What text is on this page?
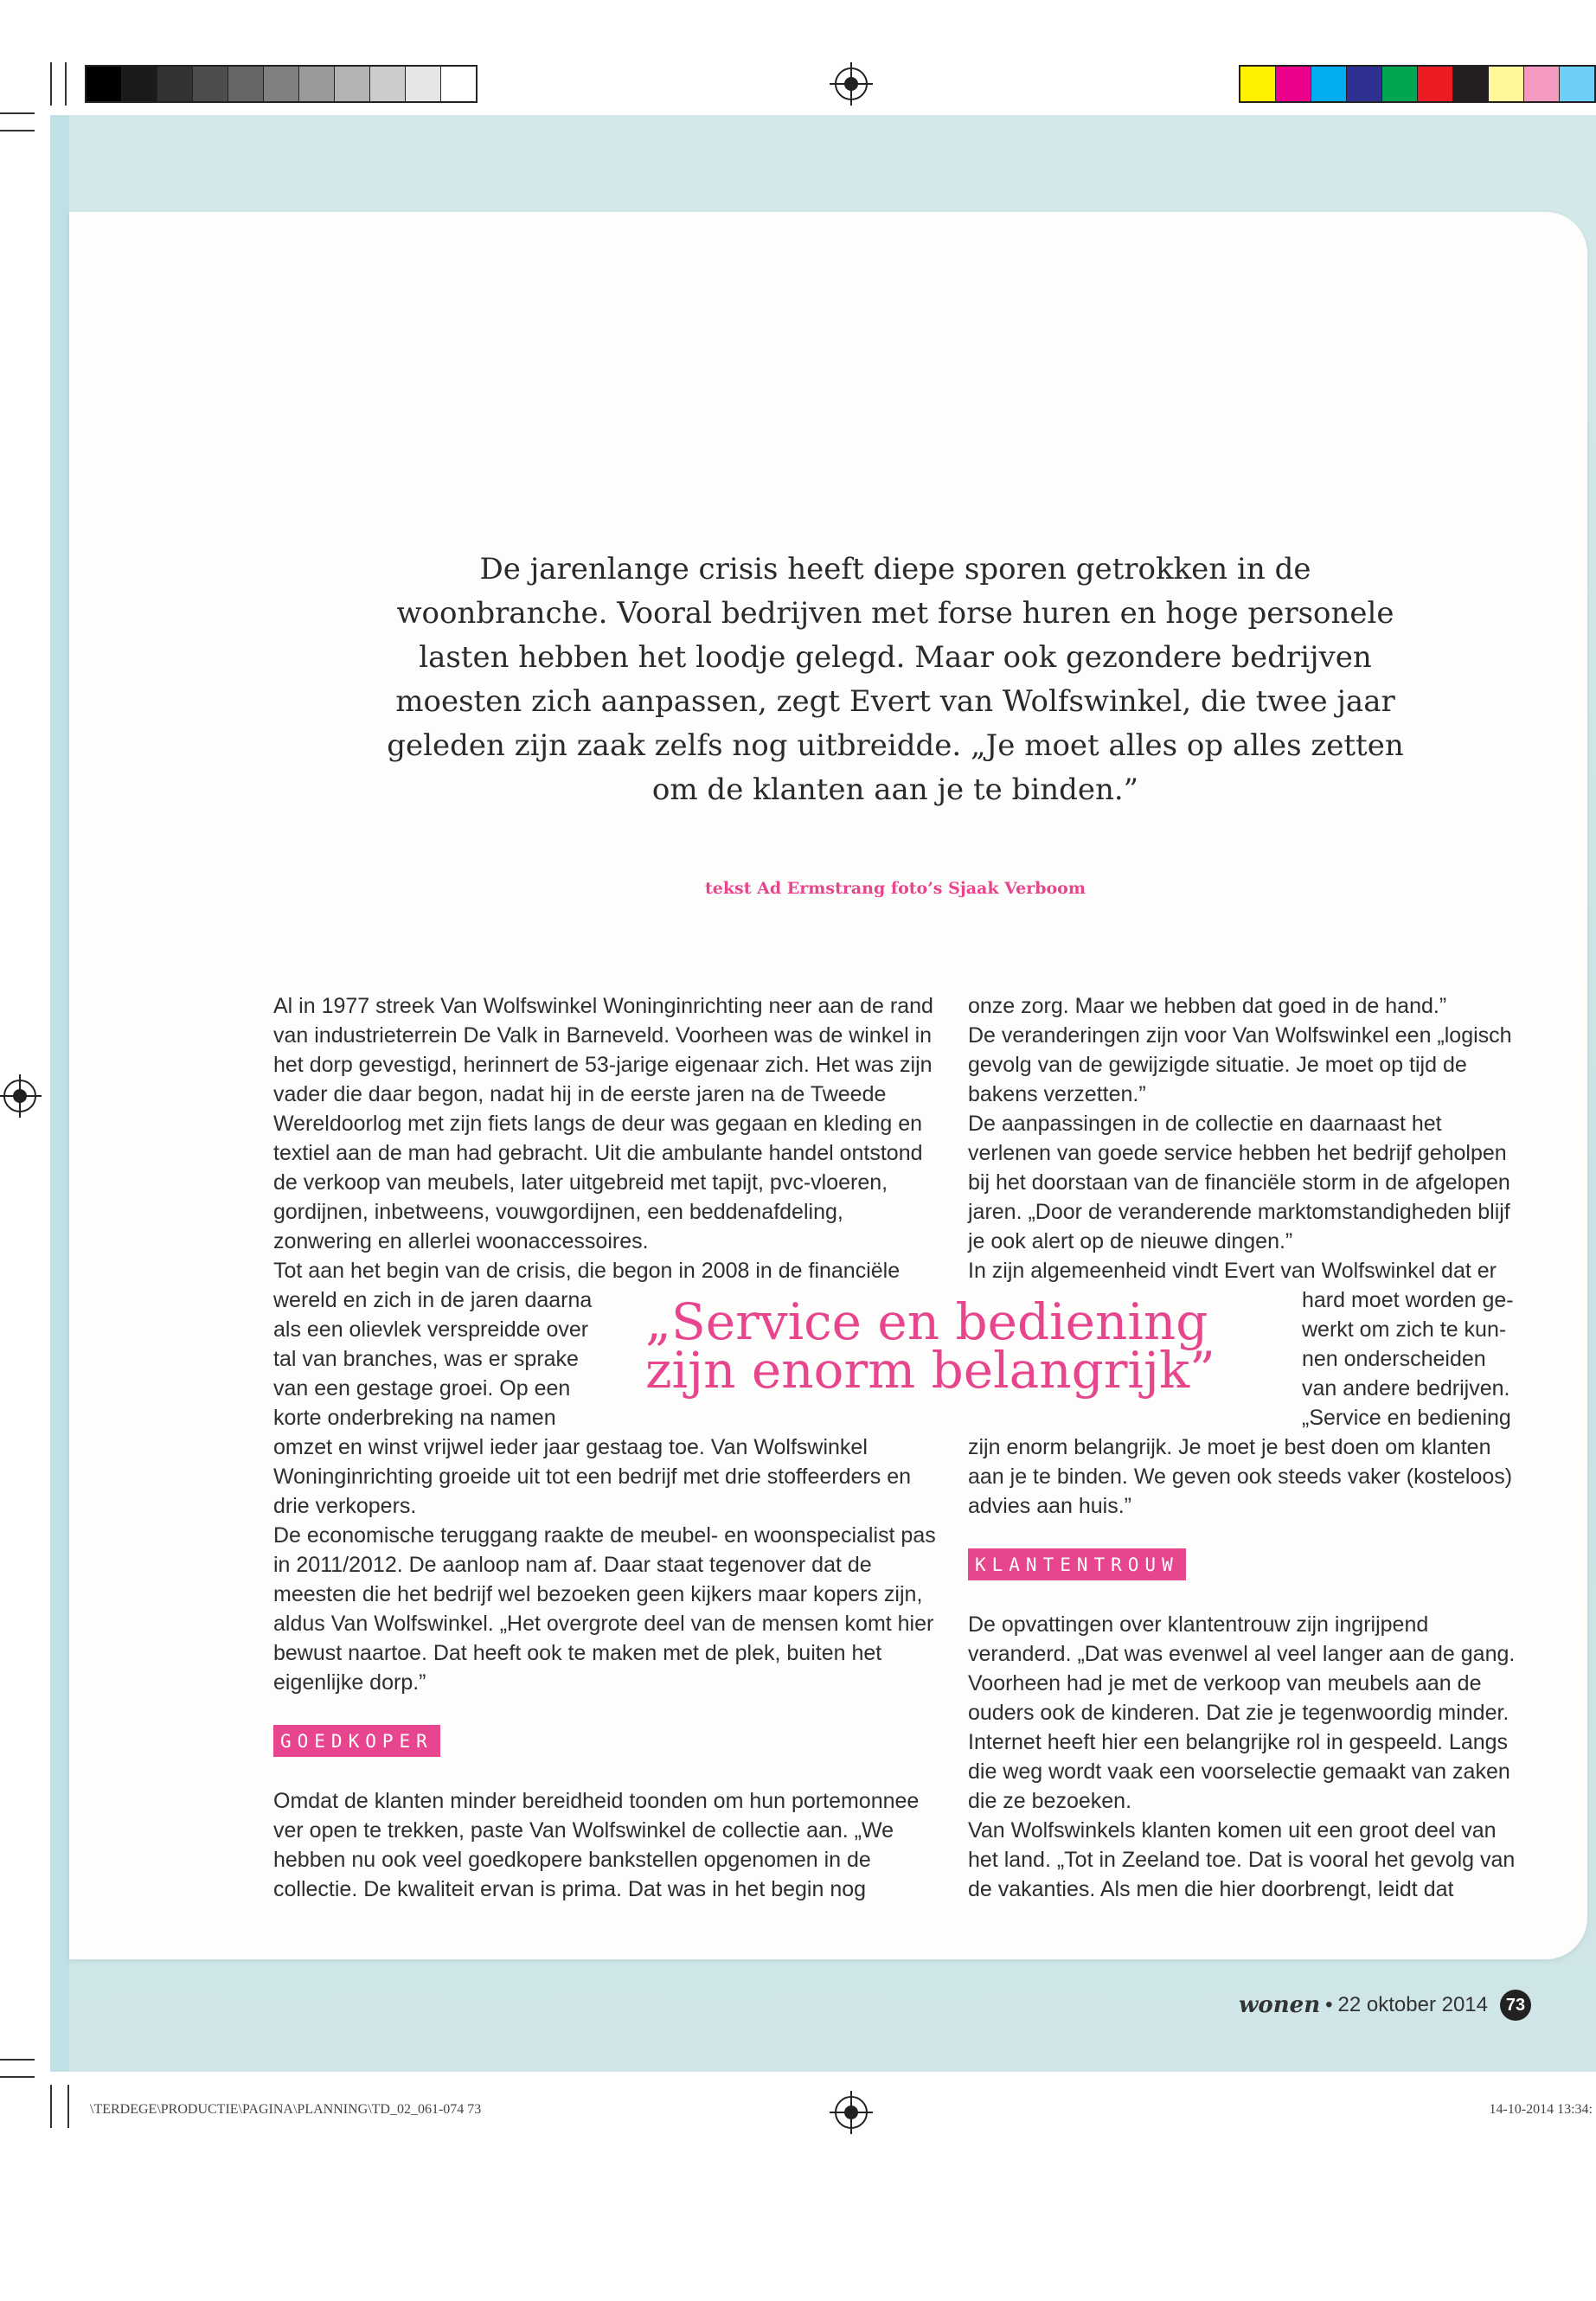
De jarenlange crisis heeft diepe sporen getrokken in de woonbranche. Vooral bedrijven met forse huren en hoge personele lasten hebben het loodje gelegd. Maar ook gezondere bedrijven moesten zich aanpassen, zegt Evert van Wolfswinkel, die twee jaar geleden zijn zaak zelfs nog uitbreidde. „Je moet alles op alles zetten om de klanten aan je te binden.”
tekst Ad Ermstrang foto’s Sjaak Verboom
„Service en bediening zijn enorm belangrijk”

Al in 1977 streek Van Wolfswinkel Woninginrichting neer aan de rand van industrieterrein De Valk in Barneveld. Voorheen was de winkel in het dorp gevestigd, herinnert de 53-jarige eigenaar zich. Het was zijn vader die daar begon, nadat hij in de eerste jaren na de Tweede Wereldoorlog met zijn fiets langs de deur was gegaan en kleding en textiel aan de man had gebracht. Uit die ambulante handel ontstond de verkoop van meubels, later uitgebreid met tapijt, pvc-vloeren, gordijnen, inbetweens, vouwgordijnen, een beddenafdeling, zonwering en allerlei woonaccessoires.

Tot aan het begin van de crisis, die begon in 2008 in de financiële

wereld en zich in de jaren daarna
als een olievlek verspreidde over
tal van branches, was er sprake
van een gestage groei. Op een
korte onderbreking na namen

omzet en winst vrijwel ieder jaar gestaag toe. Van Wolfswinkel Woninginrichting groeide uit tot een bedrijf met drie stoffeerders en drie verkopers.

De economische teruggang raakte de meubel- en woonspecialist pas in 2011/2012. De aanloop nam af. Daar staat tegenover dat de meesten die het bedrijf wel bezoeken geen kijkers maar kopers zijn, aldus Van Wolfswinkel. „Het overgrote deel van de mensen komt hier bewust naartoe. Dat heeft ook te maken met de plek, buiten het eigenlijke dorp.”

GOEDKOPER

Omdat de klanten minder bereidheid toonden om hun portemonnee ver open te trekken, paste Van Wolfswinkel de collectie aan. „We hebben nu ook veel goedkopere bankstellen opgenomen in de collectie. De kwaliteit ervan is prima. Dat was in het begin nog

onze zorg. Maar we hebben dat goed in de hand.”

De veranderingen zijn voor Van Wolfswinkel een „logisch gevolg van de gewijzigde situatie. Je moet op tijd de bakens verzetten.”

De aanpassingen in de collectie en daarnaast het verlenen van goede service hebben het bedrijf geholpen bij het doorstaan van de financiële storm in de afgelopen jaren. „Door de veranderende marktomstandigheden blijf je ook alert op de nieuwe dingen.”

In zijn algemeenheid vindt Evert van Wolfswinkel dat er

hard moet worden ge-
werkt om zich te kun-
nen onderscheiden
van andere bedrijven.
„Service en bediening

zijn enorm belangrijk. Je moet je best doen om klanten aan je te binden. We geven ook steeds vaker (kosteloos) advies aan huis.”

KLANTENTROUW

De opvattingen over klantentrouw zijn ingrijpend veranderd. „Dat was evenwel al veel langer aan de gang. Voorheen had je met de verkoop van meubels aan de ouders ook de kinderen. Dat zie je tegenwoordig minder. Internet heeft hier een belangrijke rol in gespeeld. Langs die weg wordt vaak een voorselectie gemaakt van zaken die ze bezoeken.

Van Wolfswinkels klanten komen uit een groot deel van het land. „Tot in Zeeland toe. Dat is vooral het gevolg van de vakanties. Als men die hier doorbrengt, leidt dat

wonen • 22 oktober 2014	73
\TERDEGE\PRODUCTIE\PAGINA\PLANNING\TD_02_061-074 73	14-10-2014 13:34:
